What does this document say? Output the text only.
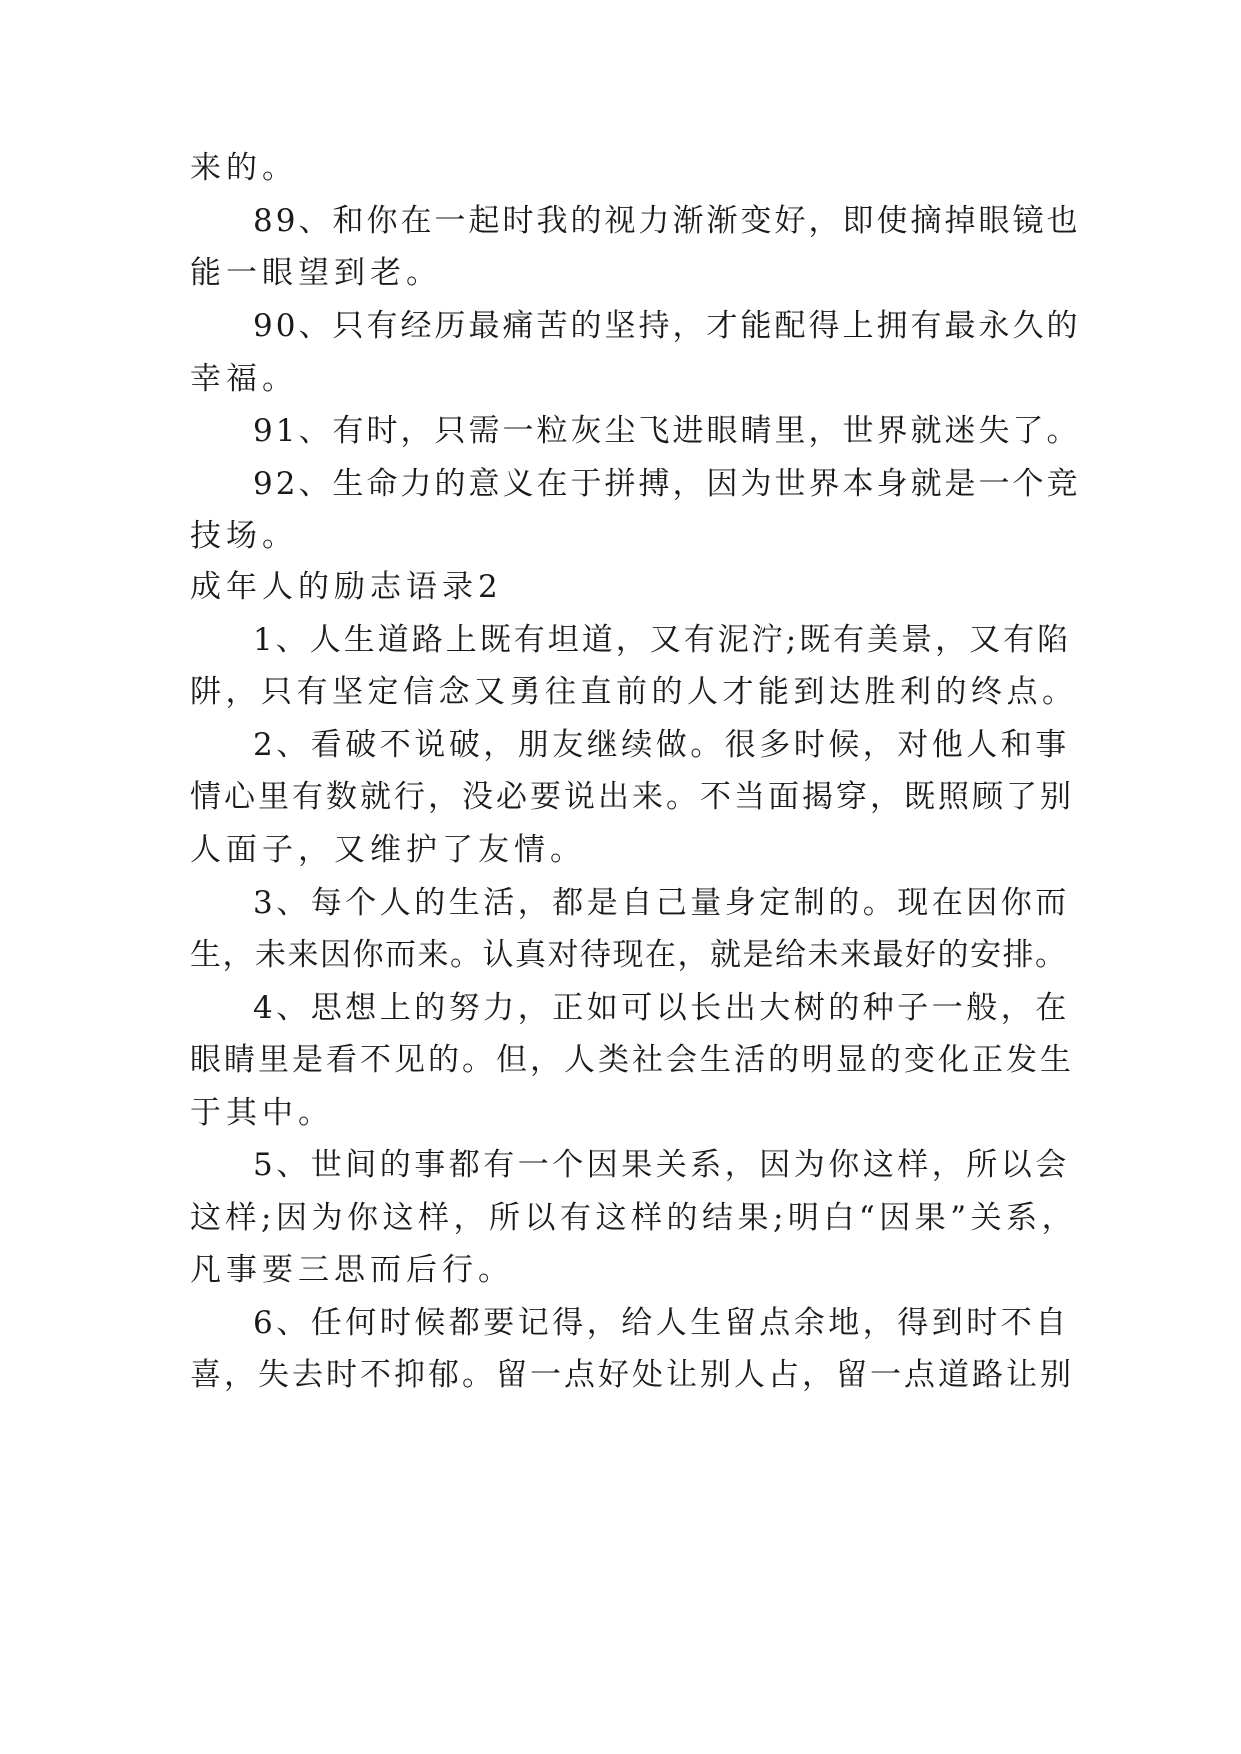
来的。
89、和你在一起时我的视力渐渐变好，即使摘掉眼镜也
能一眼望到老。
90、只有经历最痛苦的坚持，才能配得上拥有最永久的
幸福。
91、有时，只需一粒灰尘飞进眼睛里，世界就迷失了。
92、生命力的意义在于拼搏，因为世界本身就是一个竞
技场。
成年人的励志语录2
1、人生道路上既有坦道，又有泥泞;既有美景，又有陷
阱，只有坚定信念又勇往直前的人才能到达胜利的终点。
2、看破不说破，朋友继续做。很多时候，对他人和事
情心里有数就行，没必要说出来。不当面揭穿，既照顾了别
人面子，又维护了友情。
3、每个人的生活，都是自己量身定制的。现在因你而
生，未来因你而来。认真对待现在，就是给未来最好的安排。
4、思想上的努力，正如可以长出大树的种子一般，在
眼睛里是看不见的。但，人类社会生活的明显的变化正发生
于其中。
5、世间的事都有一个因果关系，因为你这样，所以会
这样;因为你这样，所以有这样的结果;明白“因果”关系，
凡事要三思而后行。
6、任何时候都要记得，给人生留点余地，得到时不自
喜，失去时不抑郁。留一点好处让别人占，留一点道路让别
